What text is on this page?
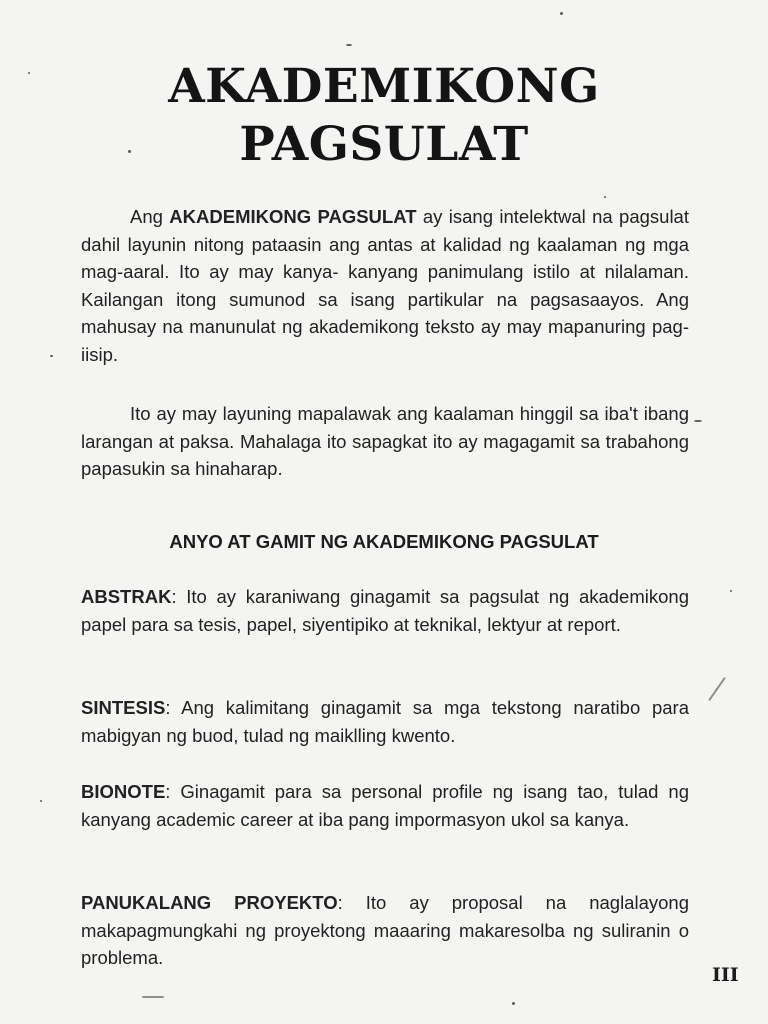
AKADEMIKONG
PAGSULAT

Ang AKADEMIKONG PAGSULAT ay isang intelektwal na pagsulat dahil layunin nitong pataasin ang antas at kalidad ng kaalaman ng mga mag-aaral. Ito ay may kanya- kanyang panimulang istilo at nilalaman. Kailangan itong sumunod sa isang partikular na pagsasaayos. Ang mahusay na manunulat ng akademikong teksto ay may mapanuring pag-iisip.

Ito ay may layuning mapalawak ang kaalaman hinggil sa iba't ibang larangan at paksa. Mahalaga ito sapagkat ito ay magagamit sa trabahong papasukin sa hinaharap.

ANYO AT GAMIT NG AKADEMIKONG PAGSULAT

ABSTRAK: Ito ay karaniwang ginagamit sa pagsulat ng akademikong papel para sa tesis, papel, siyentipiko at teknikal, lektyur at report.

SINTESIS: Ang kalimitang ginagamit sa mga tekstong naratibo para mabigyan ng buod, tulad ng maiklling kwento.

BIONOTE: Ginagamit para sa personal profile ng isang tao, tulad ng kanyang academic career at iba pang impormasyon ukol sa kanya.

PANUKALANG PROYEKTO: Ito ay proposal na naglalayong makapagmungkahi ng proyektong maaaring makaresolba ng suliranin o problema.

III
